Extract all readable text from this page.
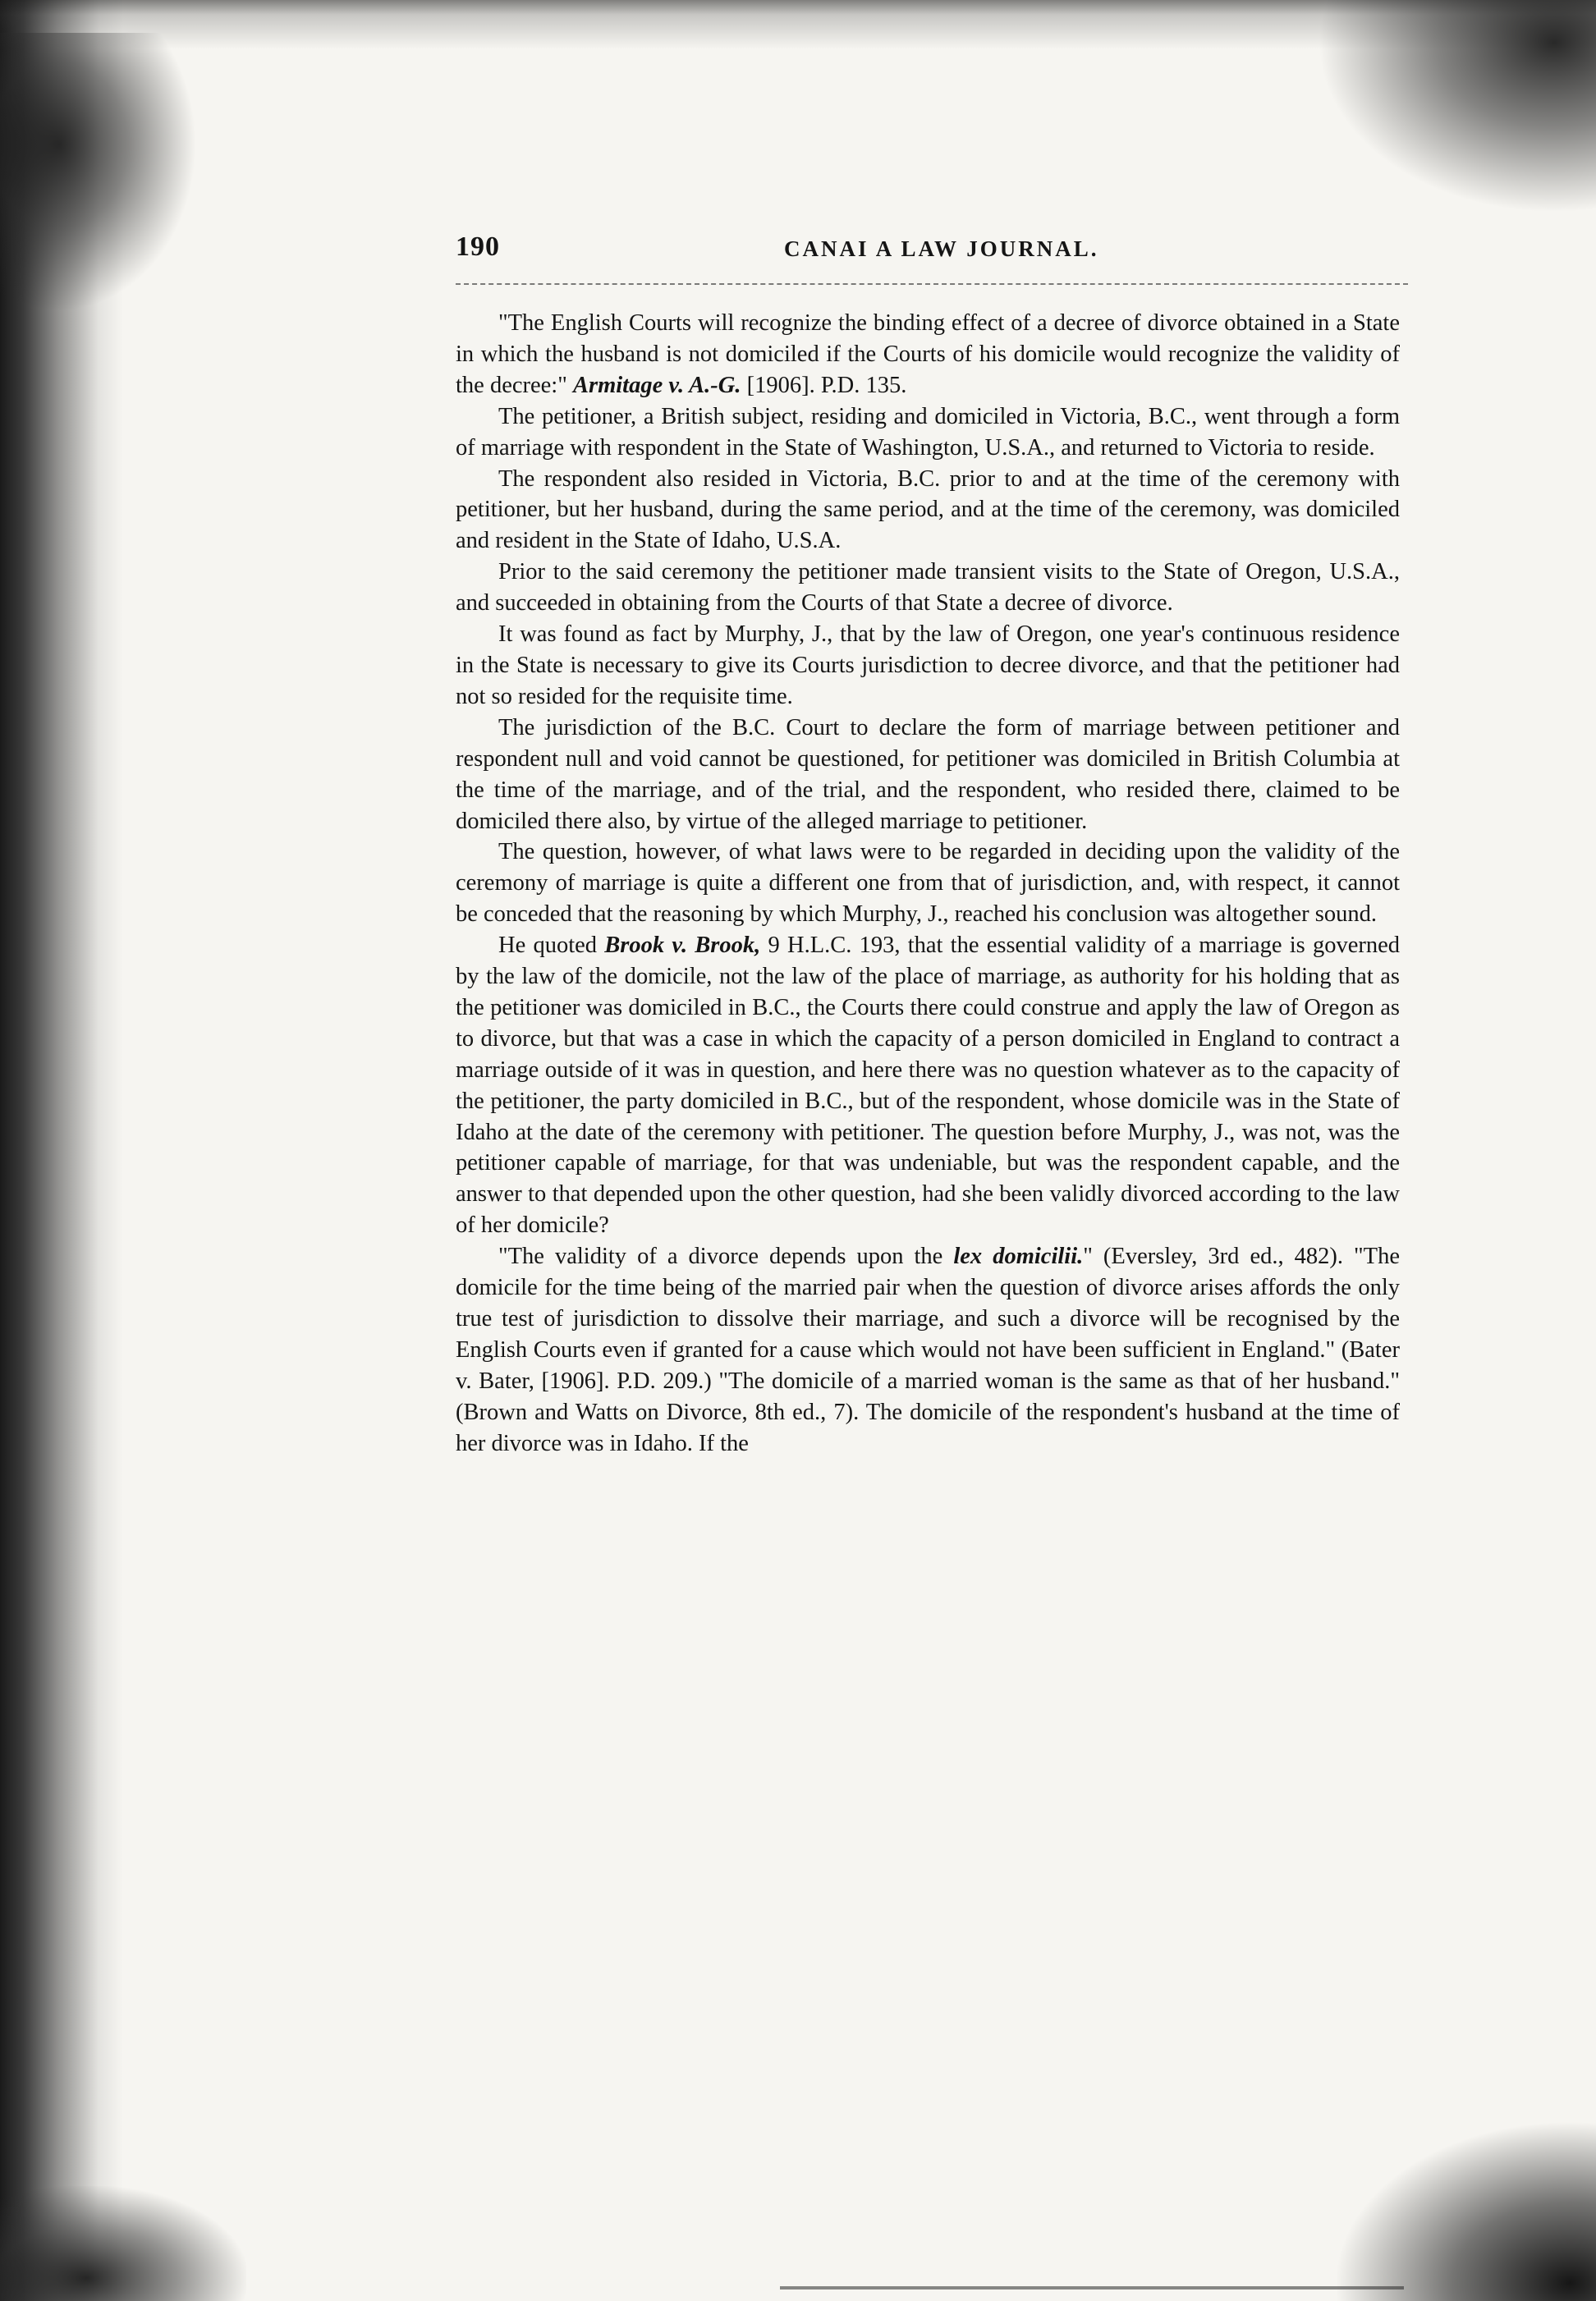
190	CANAI A LAW JOURNAL.

"The English Courts will recognize the binding effect of a decree of divorce obtained in a State in which the husband is not domiciled if the Courts of his domicile would recognize the validity of the decree:" Armitage v. A.-G. [1906]. P.D. 135.

The petitioner, a British subject, residing and domiciled in Victoria, B.C., went through a form of marriage with respondent in the State of Washington, U.S.A., and returned to Victoria to reside.

The respondent also resided in Victoria, B.C. prior to and at the time of the ceremony with petitioner, but her husband, during the same period, and at the time of the ceremony, was domiciled and resident in the State of Idaho, U.S.A.

Prior to the said ceremony the petitioner made transient visits to the State of Oregon, U.S.A., and succeeded in obtaining from the Courts of that State a decree of divorce.

It was found as fact by Murphy, J., that by the law of Oregon, one year's continuous residence in the State is necessary to give its Courts jurisdiction to decree divorce, and that the petitioner had not so resided for the requisite time.

The jurisdiction of the B.C. Court to declare the form of marriage between petitioner and respondent null and void cannot be questioned, for petitioner was domiciled in British Columbia at the time of the marriage, and of the trial, and the respondent, who resided there, claimed to be domiciled there also, by virtue of the alleged marriage to petitioner.

The question, however, of what laws were to be regarded in deciding upon the validity of the ceremony of marriage is quite a different one from that of jurisdiction, and, with respect, it cannot be conceded that the reasoning by which Murphy, J., reached his conclusion was altogether sound.

He quoted Brook v. Brook, 9 H.L.C. 193, that the essential validity of a marriage is governed by the law of the domicile, not the law of the place of marriage, as authority for his holding that as the petitioner was domiciled in B.C., the Courts there could construe and apply the law of Oregon as to divorce, but that was a case in which the capacity of a person domiciled in England to contract a marriage outside of it was in question, and here there was no question whatever as to the capacity of the petitioner, the party domiciled in B.C., but of the respondent, whose domicile was in the State of Idaho at the date of the ceremony with petitioner. The question before Murphy, J., was not, was the petitioner capable of marriage, for that was undeniable, but was the respondent capable, and the answer to that depended upon the other question, had she been validly divorced according to the law of her domicile?

"The validity of a divorce depends upon the lex domicilii." (Eversley, 3rd ed., 482). "The domicile for the time being of the married pair when the question of divorce arises affords the only true test of jurisdiction to dissolve their marriage, and such a divorce will be recognised by the English Courts even if granted for a cause which would not have been sufficient in England." (Bater v. Bater, [1906]. P.D. 209.) "The domicile of a married woman is the same as that of her husband." (Brown and Watts on Divorce, 8th ed., 7). The domicile of the respondent's husband at the time of her divorce was in Idaho. If the
